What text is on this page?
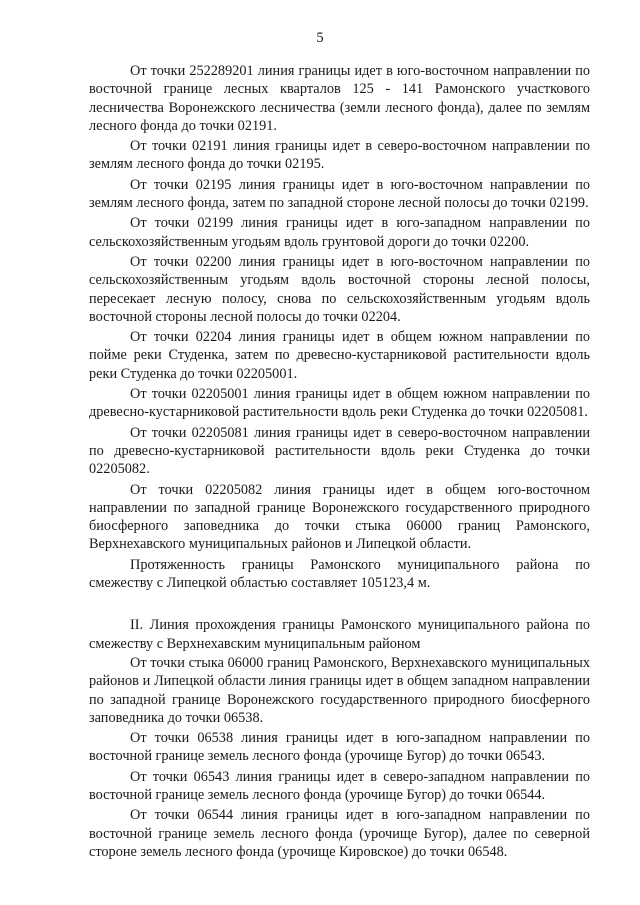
5

От точки 252289201 линия границы идет в юго-восточном направлении по восточной границе лесных кварталов 125 - 141 Рамонского участкового лесничества Воронежского лесничества (земли лесного фонда), далее по землям лесного фонда до точки 02191.

От точки 02191 линия границы идет в северо-восточном направлении по землям лесного фонда до точки 02195.

От точки 02195 линия границы идет в юго-восточном направлении по землям лесного фонда, затем по западной стороне лесной полосы до точки 02199.

От точки 02199 линия границы идет в юго-западном направлении по сельскохозяйственным угодьям вдоль грунтовой дороги до точки 02200.

От точки 02200 линия границы идет в юго-восточном направлении по сельскохозяйственным угодьям вдоль восточной стороны лесной полосы, пересекает лесную полосу, снова по сельскохозяйственным угодьям вдоль восточной стороны лесной полосы до точки 02204.

От точки 02204 линия границы идет в общем южном направлении по пойме реки Студенка, затем по древесно-кустарниковой растительности вдоль реки Студенка до точки 02205001.

От точки 02205001 линия границы идет в общем южном направлении по древесно-кустарниковой растительности вдоль реки Студенка до точки 02205081.

От точки 02205081 линия границы идет в северо-восточном направлении по древесно-кустарниковой растительности вдоль реки Студенка до точки 02205082.

От точки 02205082 линия границы идет в общем юго-восточном направлении по западной границе Воронежского государственного природного биосферного заповедника до точки стыка 06000 границ Рамонского, Верхнехавского муниципальных районов и Липецкой области.

Протяженность границы Рамонского муниципального района по смежеству с Липецкой областью составляет 105123,4 м.

II. Линия прохождения границы Рамонского муниципального района по смежеству с Верхнехавским муниципальным районом

От точки стыка 06000 границ Рамонского, Верхнехавского муниципальных районов и Липецкой области линия границы идет в общем западном направлении по западной границе Воронежского государственного природного биосферного заповедника до точки 06538.

От точки 06538 линия границы идет в юго-западном направлении по восточной границе земель лесного фонда (урочище Бугор) до точки 06543.

От точки 06543 линия границы идет в северо-западном направлении по восточной границе земель лесного фонда (урочище Бугор) до точки 06544.

От точки 06544 линия границы идет в юго-западном направлении по восточной границе земель лесного фонда (урочище Бугор), далее по северной стороне земель лесного фонда (урочище Кировское) до точки 06548.
